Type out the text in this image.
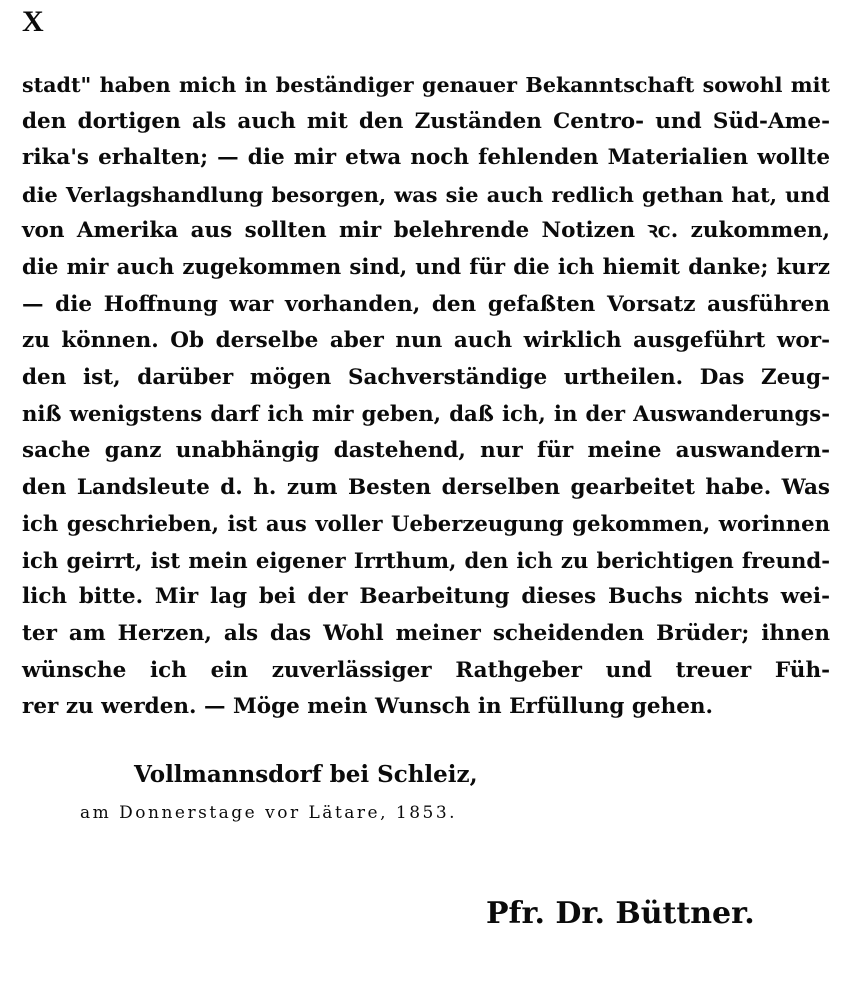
X
stadt" haben mich in beständiger genauer Bekanntschaft sowohl mit
den dortigen als auch mit den Zuständen Centro- und Süd-Ame-
rika's erhalten; — die mir etwa noch fehlenden Materialien wollte
die Verlagshandlung besorgen, was sie auch redlich gethan hat, und
von Amerika aus sollten mir belehrende Notizen ꝛc. zukommen,
die mir auch zugekommen sind, und für die ich hiemit danke; kurz
— die Hoffnung war vorhanden, den gefaßten Vorsatz ausführen
zu können. Ob derselbe aber nun auch wirklich ausgeführt wor-
den ist, darüber mögen Sachverständige urtheilen. Das Zeug-
niß wenigstens darf ich mir geben, daß ich, in der Auswanderungs-
sache ganz unabhängig dastehend, nur für meine auswandern-
den Landsleute d. h. zum Besten derselben gearbeitet habe. Was
ich geschrieben, ist aus voller Ueberzeugung gekommen, worinnen
ich geirrt, ist mein eigener Irrthum, den ich zu berichtigen freund-
lich bitte. Mir lag bei der Bearbeitung dieses Buchs nichts wei-
ter am Herzen, als das Wohl meiner scheidenden Brüder; ihnen
wünsche ich ein zuverlässiger Rathgeber und treuer Füh-
rer zu werden. — Möge mein Wunsch in Erfüllung gehen.
Vollmannsdorf bei Schleiz,
am Donnerstage vor Lätare, 1853.
Pfr. Dr. Büttner.
